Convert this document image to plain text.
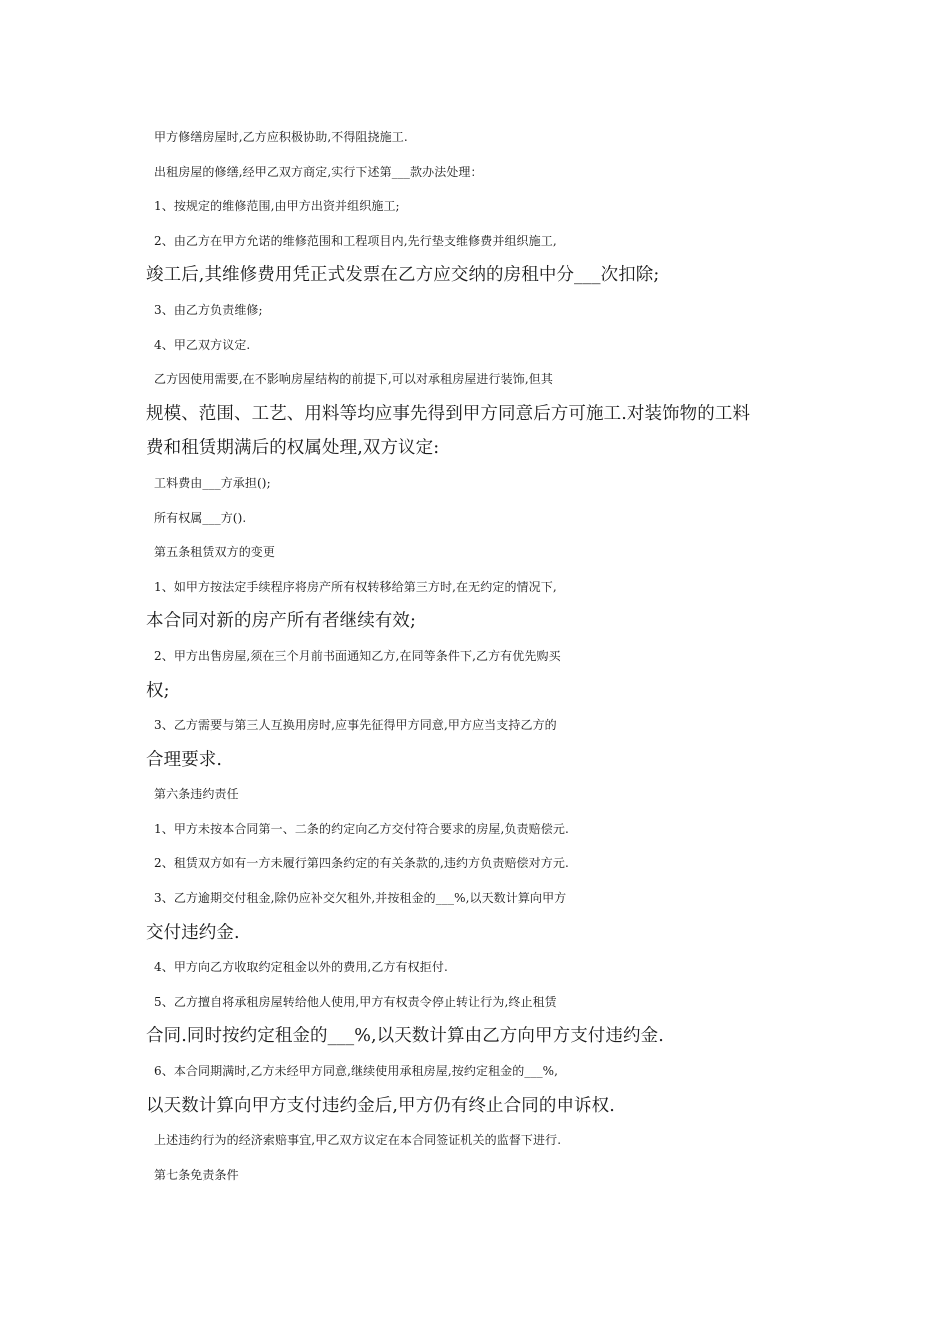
甲方修缮房屋时,乙方应积极协助,不得阻挠施工.
出租房屋的修缮,经甲乙双方商定,实行下述第___款办法处理：
1、按规定的维修范围,由甲方出资并组织施工;
2、由乙方在甲方允诺的维修范围和工程项目内,先行垫支维修费并组织施工,
竣工后,其维修费用凭正式发票在乙方应交纳的房租中分___次扣除;
3、由乙方负责维修;
4、甲乙双方议定.
乙方因使用需要,在不影响房屋结构的前提下,可以对承租房屋进行装饰,但其
规模、范围、工艺、用料等均应事先得到甲方同意后方可施工.对装饰物的工料
费和租赁期满后的权属处理,双方议定:
工料费由___方承担();
所有权属___方().
第五条租赁双方的变更
1、如甲方按法定手续程序将房产所有权转移给第三方时,在无约定的情况下,
本合同对新的房产所有者继续有效;
2、甲方出售房屋,须在三个月前书面通知乙方,在同等条件下,乙方有优先购买
权;
3、乙方需要与第三人互换用房时,应事先征得甲方同意,甲方应当支持乙方的
合理要求.
第六条违约责任
1、甲方未按本合同第一、二条的约定向乙方交付符合要求的房屋,负责赔偿元.
2、租赁双方如有一方未履行第四条约定的有关条款的,违约方负责赔偿对方元.
3、乙方逾期交付租金,除仍应补交欠租外,并按租金的___%,以天数计算向甲方
交付违约金.
4、甲方向乙方收取约定租金以外的费用,乙方有权拒付.
5、乙方擅自将承租房屋转给他人使用,甲方有权责令停止转让行为,终止租赁
合同.同时按约定租金的___%,以天数计算由乙方向甲方支付违约金.
6、本合同期满时,乙方未经甲方同意,继续使用承租房屋,按约定租金的___%,
以天数计算向甲方支付违约金后,甲方仍有终止合同的申诉权.
上述违约行为的经济索赔事宜,甲乙双方议定在本合同签证机关的监督下进行.
第七条免责条件
